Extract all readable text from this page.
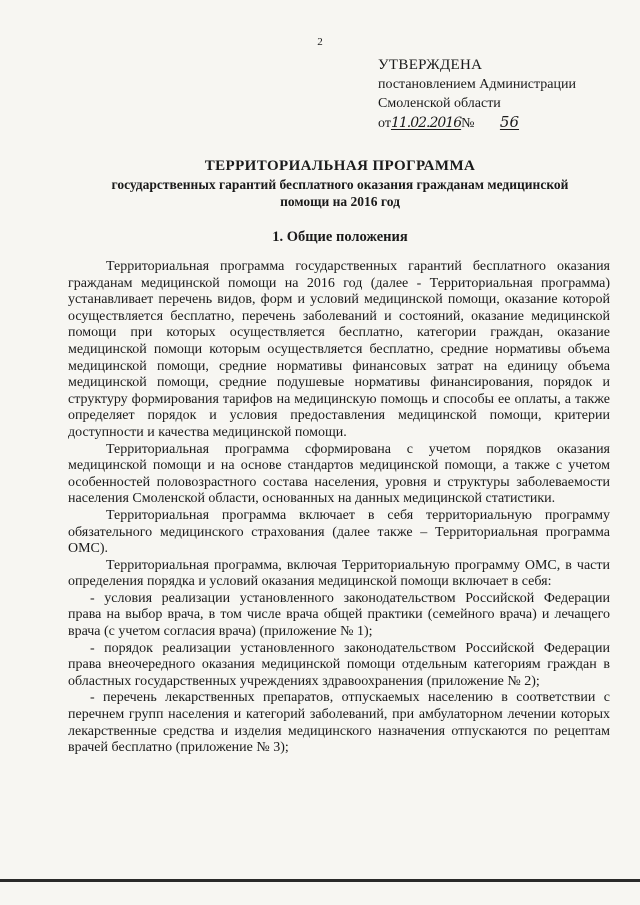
2
УТВЕРЖДЕНА
постановлением Администрации
Смоленской области
от11.02.2016№ 56
ТЕРРИТОРИАЛЬНАЯ ПРОГРАММА
государственных гарантий бесплатного оказания гражданам медицинской
помощи на 2016 год
1. Общие положения

Территориальная программа государственных гарантий бесплатного оказания гражданам медицинской помощи на 2016 год (далее - Территориальная программа) устанавливает перечень видов, форм и условий медицинской помощи, оказание которой осуществляется бесплатно, перечень заболеваний и состояний, оказание медицинской помощи при которых осуществляется бесплатно, категории граждан, оказание медицинской помощи которым осуществляется бесплатно, средние нормативы объема медицинской помощи, средние нормативы финансовых затрат на единицу объема медицинской помощи, средние подушевые нормативы финансирования, порядок и структуру формирования тарифов на медицинскую помощь и способы ее оплаты, а также определяет порядок и условия предоставления медицинской помощи, критерии доступности и качества медицинской помощи.

Территориальная программа сформирована с учетом порядков оказания медицинской помощи и на основе стандартов медицинской помощи, а также с учетом особенностей половозрастного состава населения, уровня и структуры заболеваемости населения Смоленской области, основанных на данных медицинской статистики.

Территориальная программа включает в себя территориальную программу обязательного медицинского страхования (далее также – Территориальная программа ОМС).

Территориальная программа, включая Территориальную программу ОМС, в части определения порядка и условий оказания медицинской помощи включает в себя:

- условия реализации установленного законодательством Российской Федерации права на выбор врача, в том числе врача общей практики (семейного врача) и лечащего врача (с учетом согласия врача) (приложение № 1);

- порядок реализации установленного законодательством Российской Федерации права внеочередного оказания медицинской помощи отдельным категориям граждан в областных государственных учреждениях здравоохранения (приложение № 2);

- перечень лекарственных препаратов, отпускаемых населению в соответствии с перечнем групп населения и категорий заболеваний, при амбулаторном лечении которых лекарственные средства и изделия медицинского назначения отпускаются по рецептам врачей бесплатно (приложение № 3);
